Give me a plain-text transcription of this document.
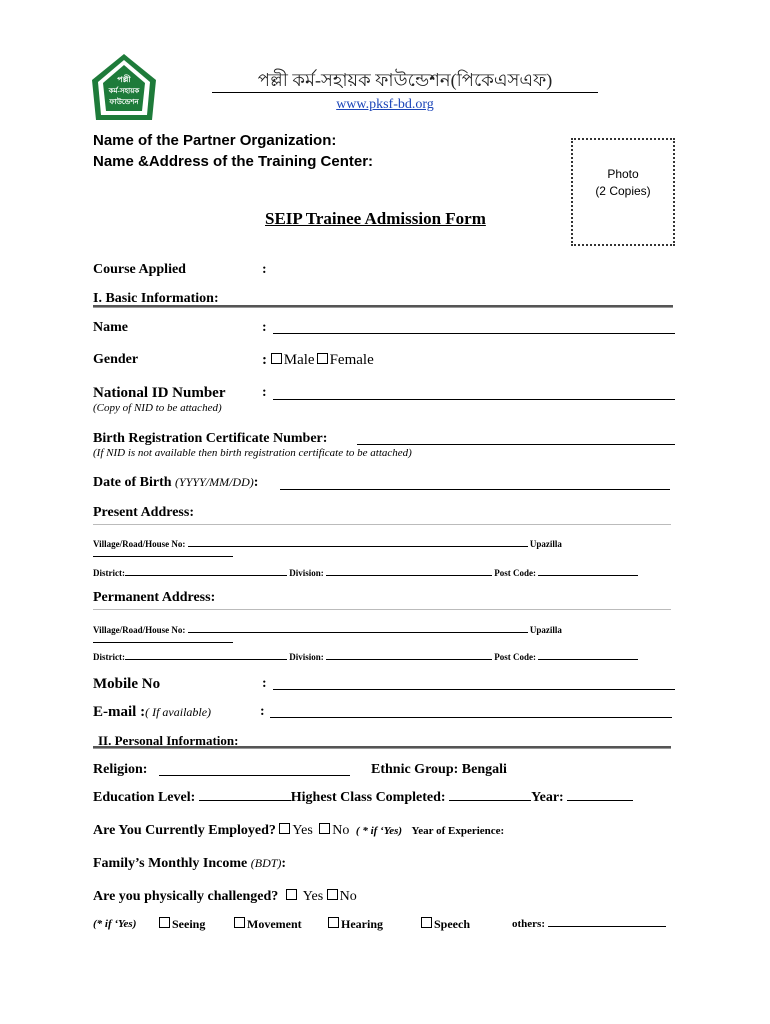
পল্লী
কর্ম-সহায়ক
ফাউন্ডেশন
পল্লী কর্ম-সহায়ক ফাউন্ডেশন(পিকেএসএফ)
www.pksf-bd.org
Name of the Partner Organization:
Name &Address of the Training Center:
Photo
(2 Copies)
SEIP Trainee Admission Form
Course Applied	:
I. Basic Information:
Name	:
Gender	: Male Female
National ID Number	:
(Copy of NID to be attached)
Birth Registration Certificate Number:
(If NID is not available then birth registration certificate to be attached)
Date of Birth (YYYY/MM/DD):
Present Address:
Village/Road/House No:	Upazilla
District:	Division:	Post Code:
Permanent Address:
Village/Road/House No:	Upazilla
District:	Division:	Post Code:
Mobile No	:
E-mail :( If available)	:
II. Personal Information:
Religion:	Ethnic Group: Bengali
Education Level:	Highest Class Completed:	Year:
Are You Currently Employed? Yes No ( * if ‘Yes) Year of Experience:
Family’s Monthly Income (BDT):
Are you physically challenged? Yes No
(* if ‘Yes)	Seeing	Movement	Hearing	Speech	others:
